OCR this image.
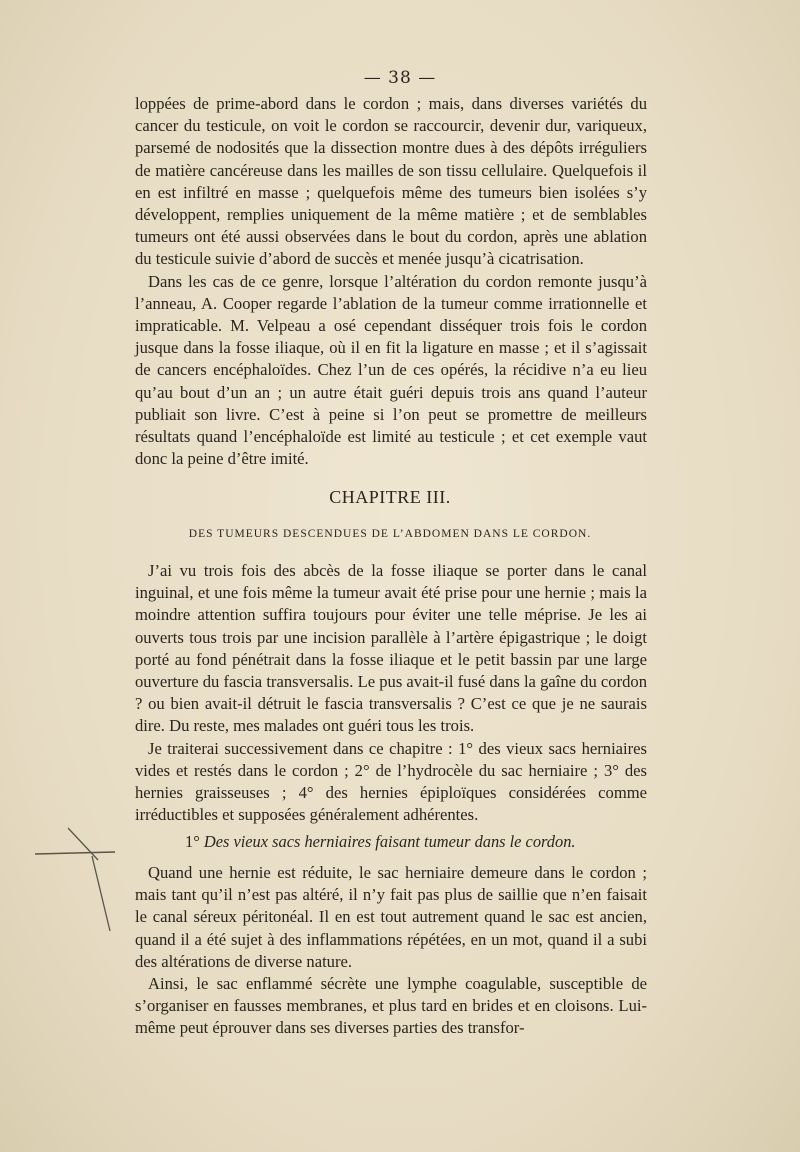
— 38 —

loppées de prime-abord dans le cordon ; mais, dans diverses variétés du cancer du testicule, on voit le cordon se raccourcir, devenir dur, variqueux, parsemé de nodosités que la dissection montre dues à des dépôts irréguliers de matière cancéreuse dans les mailles de son tissu cellulaire. Quelquefois il en est infiltré en masse ; quelquefois même des tumeurs bien isolées s’y développent, remplies uniquement de la même matière ; et de semblables tumeurs ont été aussi observées dans le bout du cordon, après une ablation du testicule suivie d’abord de succès et menée jusqu’à cicatrisation.

Dans les cas de ce genre, lorsque l’altération du cordon remonte jusqu’à l’anneau, A. Cooper regarde l’ablation de la tumeur comme irrationnelle et impraticable. M. Velpeau a osé cependant disséquer trois fois le cordon jusque dans la fosse iliaque, où il en fit la ligature en masse ; et il s’agissait de cancers encéphaloïdes. Chez l’un de ces opérés, la récidive n’a eu lieu qu’au bout d’un an ; un autre était guéri depuis trois ans quand l’auteur publiait son livre. C’est à peine si l’on peut se promettre de meilleurs résultats quand l’encéphaloïde est limité au testicule ; et cet exemple vaut donc la peine d’être imité.

CHAPITRE III.
DES TUMEURS DESCENDUES DE L’ABDOMEN DANS LE CORDON.

J’ai vu trois fois des abcès de la fosse iliaque se porter dans le canal inguinal, et une fois même la tumeur avait été prise pour une hernie ; mais la moindre attention suffira toujours pour éviter une telle méprise. Je les ai ouverts tous trois par une incision parallèle à l’artère épigastrique ; le doigt porté au fond pénétrait dans la fosse iliaque et le petit bassin par une large ouverture du fascia transversalis. Le pus avait-il fusé dans la gaîne du cordon ? ou bien avait-il détruit le fascia transversalis ? C’est ce que je ne saurais dire. Du reste, mes malades ont guéri tous les trois.

Je traiterai successivement dans ce chapitre : 1° des vieux sacs herniaires vides et restés dans le cordon ; 2° de l’hydrocèle du sac herniaire ; 3° des hernies graisseuses ; 4° des hernies épiploïques considérées comme irréductibles et supposées généralement adhérentes.

1° Des vieux sacs herniaires faisant tumeur dans le cordon.

Quand une hernie est réduite, le sac herniaire demeure dans le cordon ; mais tant qu’il n’est pas altéré, il n’y fait pas plus de saillie que n’en faisait le canal séreux péritonéal. Il en est tout autrement quand le sac est ancien, quand il a été sujet à des inflammations répétées, en un mot, quand il a subi des altérations de diverse nature.

Ainsi, le sac enflammé sécrète une lymphe coagulable, susceptible de s’organiser en fausses membranes, et plus tard en brides et en cloisons. Lui-même peut éprouver dans ses diverses parties des transfor-
